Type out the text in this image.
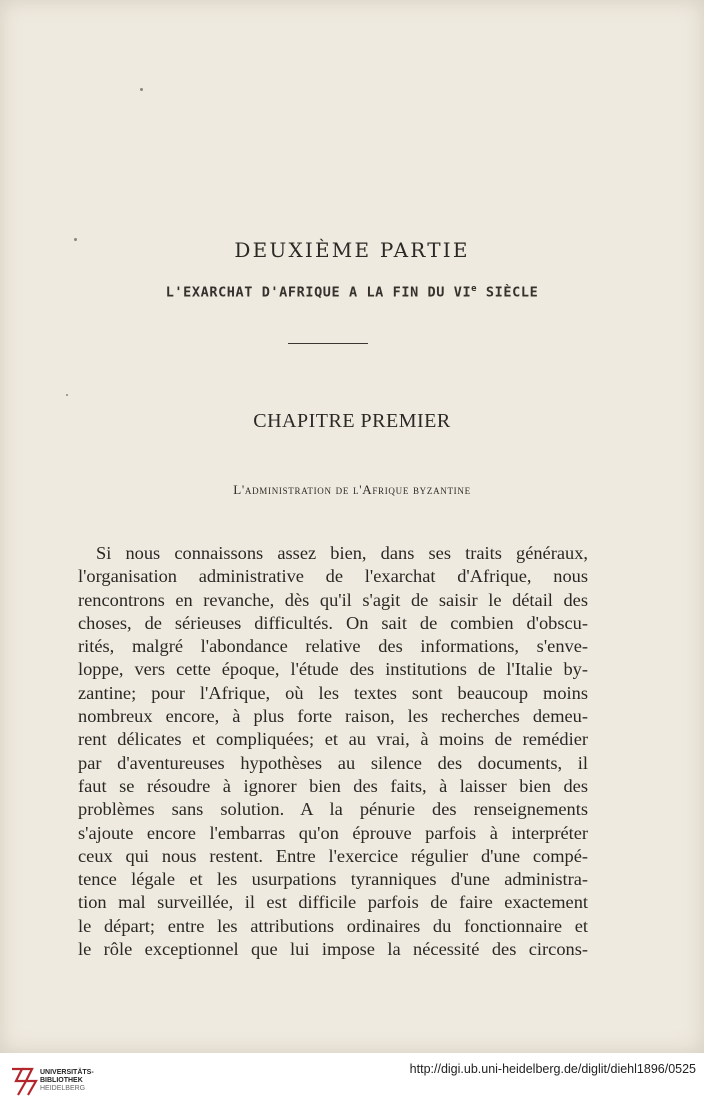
DEUXIÈME PARTIE
L'EXARCHAT D'AFRIQUE A LA FIN DU VIe SIÈCLE
CHAPITRE PREMIER
L'administration de l'Afrique byzantine
Si nous connaissons assez bien, dans ses traits généraux,
l'organisation administrative de l'exarchat d'Afrique, nous
rencontrons en revanche, dès qu'il s'agit de saisir le détail des
choses, de sérieuses difficultés. On sait de combien d'obscu-
rités, malgré l'abondance relative des informations, s'enve-
loppe, vers cette époque, l'étude des institutions de l'Italie by-
zantine; pour l'Afrique, où les textes sont beaucoup moins
nombreux encore, à plus forte raison, les recherches demeu-
rent délicates et compliquées; et au vrai, à moins de remédier
par d'aventureuses hypothèses au silence des documents, il
faut se résoudre à ignorer bien des faits, à laisser bien des
problèmes sans solution. A la pénurie des renseignements
s'ajoute encore l'embarras qu'on éprouve parfois à interpréter
ceux qui nous restent. Entre l'exercice régulier d'une compé-
tence légale et les usurpations tyranniques d'une administra-
tion mal surveillée, il est difficile parfois de faire exactement
le départ; entre les attributions ordinaires du fonctionnaire et
le rôle exceptionnel que lui impose la nécessité des circons-
UNIVERSITÄTS-
BIBLIOTHEK
HEIDELBERG
http://digi.ub.uni-heidelberg.de/diglit/diehl1896/0525
